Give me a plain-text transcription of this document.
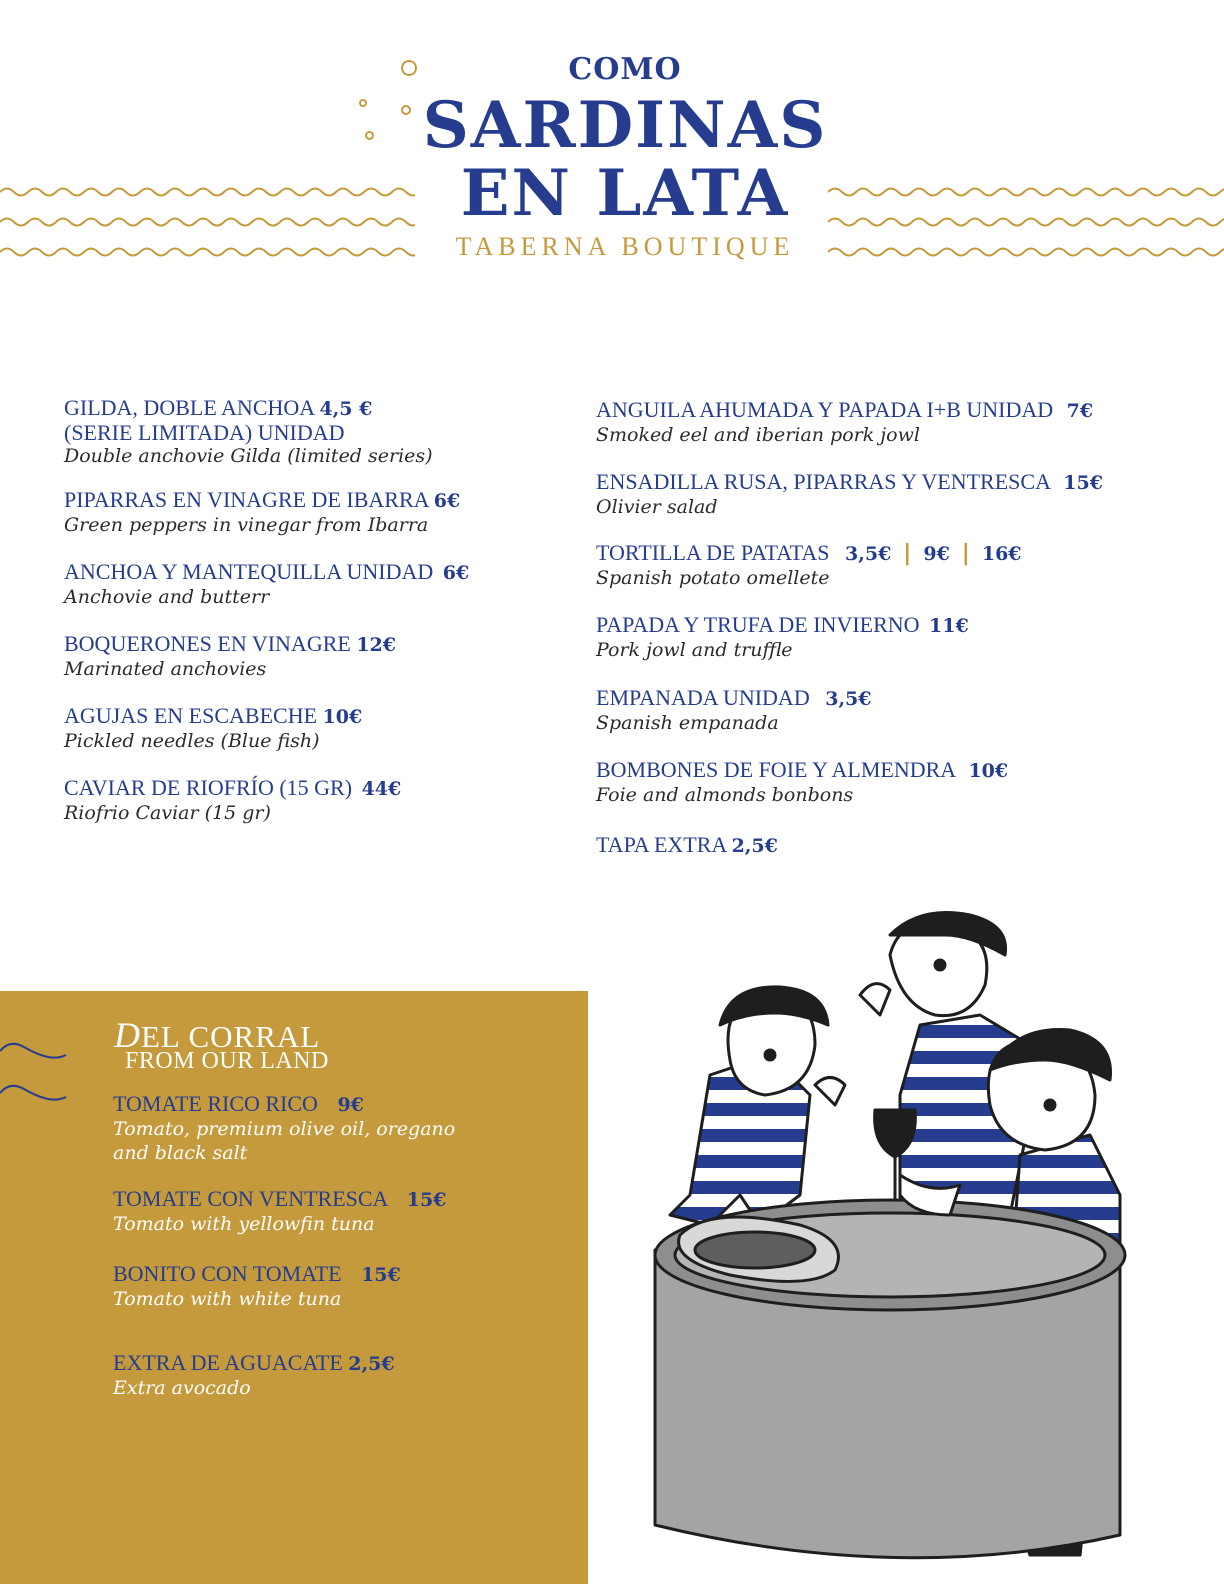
COMO
SARDINAS
EN LATA
TABERNA BOUTIQUE
GILDA, DOBLE ANCHOA 4,5 €
(SERIE LIMITADA) UNIDAD
Double anchovie Gilda (limited series)
PIPARRAS EN VINAGRE DE IBARRA 6€
Green peppers in vinegar from Ibarra
ANCHOA Y MANTEQUILLA UNIDAD 6€
Anchovie and butterr
BOQUERONES EN VINAGRE 12€
Marinated anchovies
AGUJAS EN ESCABECHE 10€
Pickled needles (Blue fish)
CAVIAR DE RIOFRÍO (15 GR) 44€
Riofrio Caviar (15 gr)
ANGUILA AHUMADA Y PAPADA I+B UNIDAD 7€
Smoked eel and iberian pork jowl
ENSADILLA RUSA, PIPARRAS Y VENTRESCA 15€
Olivier salad
TORTILLA DE PATATAS 3,5€ | 9€ | 16€
Spanish potato omellete
PAPADA Y TRUFA DE INVIERNO 11€
Pork jowl and truffle
EMPANADA UNIDAD 3,5€
Spanish empanada
BOMBONES DE FOIE Y ALMENDRA 10€
Foie and almonds bonbons
TAPA EXTRA 2,5€
DEL CORRAL
FROM OUR LAND
TOMATE RICO RICO 9€
Tomato, premium olive oil, oregano
and black salt
TOMATE CON VENTRESCA 15€
Tomato with yellowfin tuna
BONITO CON TOMATE 15€
Tomato with white tuna
EXTRA DE AGUACATE 2,5€
Extra avocado
